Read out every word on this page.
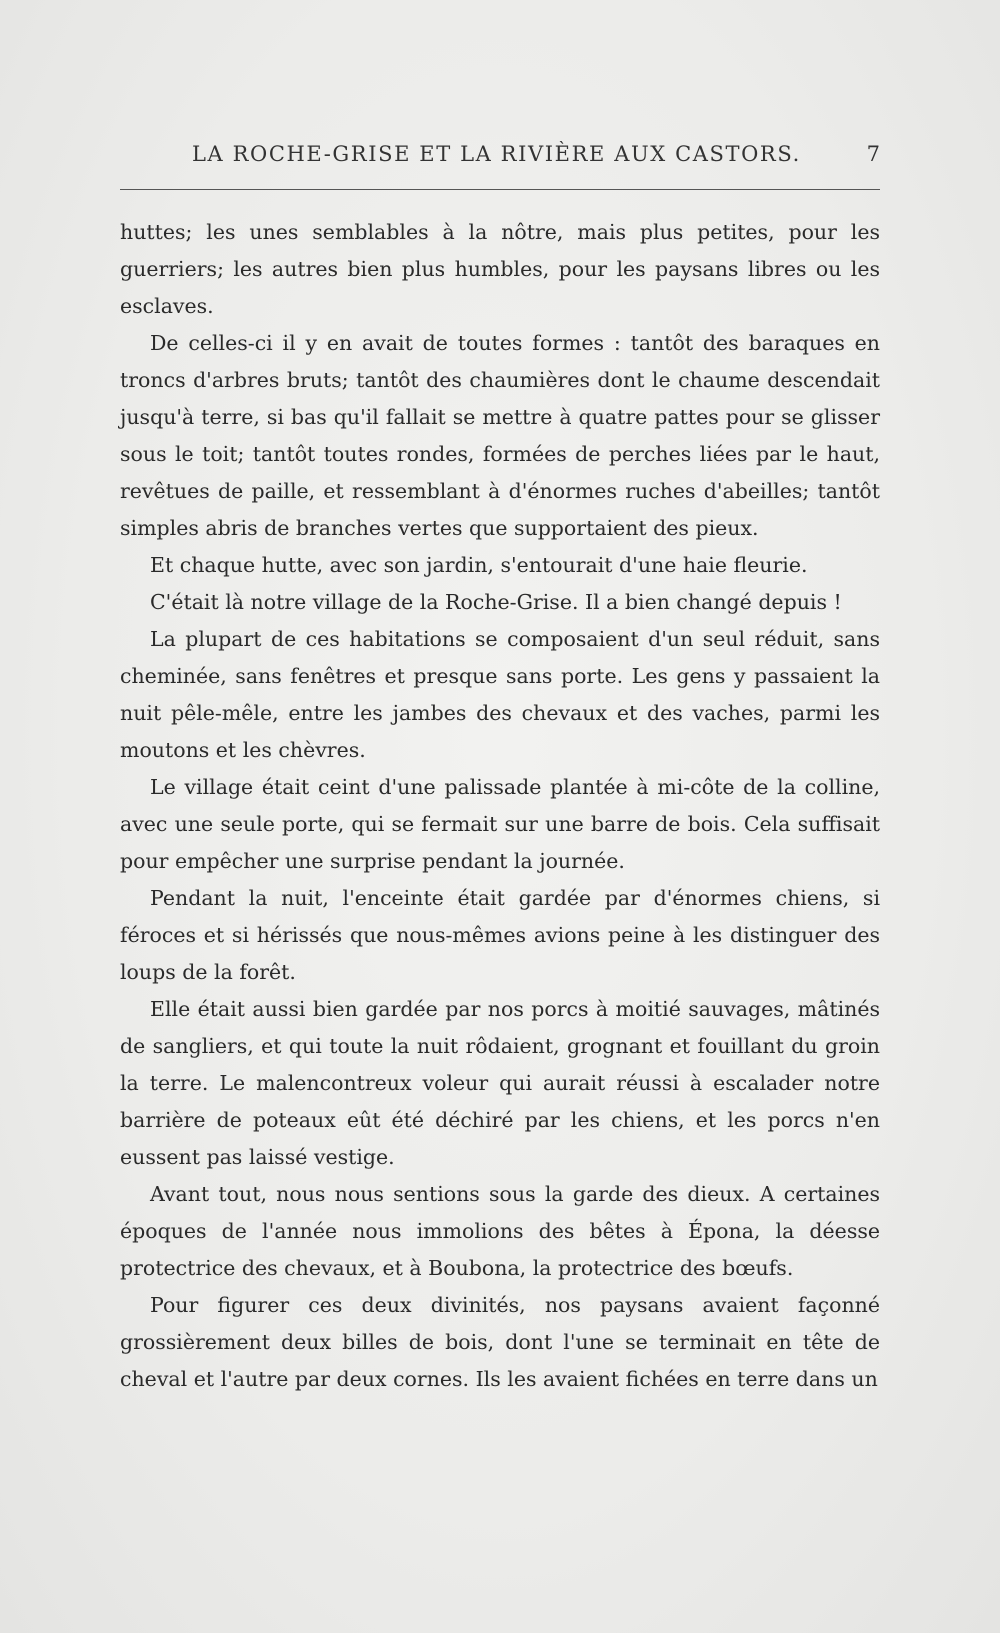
LA ROCHE-GRISE ET LA RIVIÈRE AUX CASTORS.	7

huttes; les unes semblables à la nôtre, mais plus petites, pour les guerriers; les autres bien plus humbles, pour les paysans libres ou les esclaves.

De celles-ci il y en avait de toutes formes : tantôt des baraques en troncs d'arbres bruts; tantôt des chaumières dont le chaume descendait jusqu'à terre, si bas qu'il fallait se mettre à quatre pattes pour se glisser sous le toit; tantôt toutes rondes, formées de perches liées par le haut, revêtues de paille, et ressemblant à d'énormes ruches d'abeilles; tantôt simples abris de branches vertes que supportaient des pieux.

Et chaque hutte, avec son jardin, s'entourait d'une haie fleurie.

C'était là notre village de la Roche-Grise. Il a bien changé depuis !

La plupart de ces habitations se composaient d'un seul réduit, sans cheminée, sans fenêtres et presque sans porte. Les gens y passaient la nuit pêle-mêle, entre les jambes des chevaux et des vaches, parmi les moutons et les chèvres.

Le village était ceint d'une palissade plantée à mi-côte de la colline, avec une seule porte, qui se fermait sur une barre de bois. Cela suffisait pour empêcher une surprise pendant la journée.

Pendant la nuit, l'enceinte était gardée par d'énormes chiens, si féroces et si hérissés que nous-mêmes avions peine à les distinguer des loups de la forêt.

Elle était aussi bien gardée par nos porcs à moitié sauvages, mâtinés de sangliers, et qui toute la nuit rôdaient, grognant et fouillant du groin la terre. Le malencontreux voleur qui aurait réussi à escalader notre barrière de poteaux eût été déchiré par les chiens, et les porcs n'en eussent pas laissé vestige.

Avant tout, nous nous sentions sous la garde des dieux. A certaines époques de l'année nous immolions des bêtes à Épona, la déesse protectrice des chevaux, et à Boubona, la protectrice des bœufs.

Pour figurer ces deux divinités, nos paysans avaient façonné grossièrement deux billes de bois, dont l'une se terminait en tête de cheval et l'autre par deux cornes. Ils les avaient fichées en terre dans un
